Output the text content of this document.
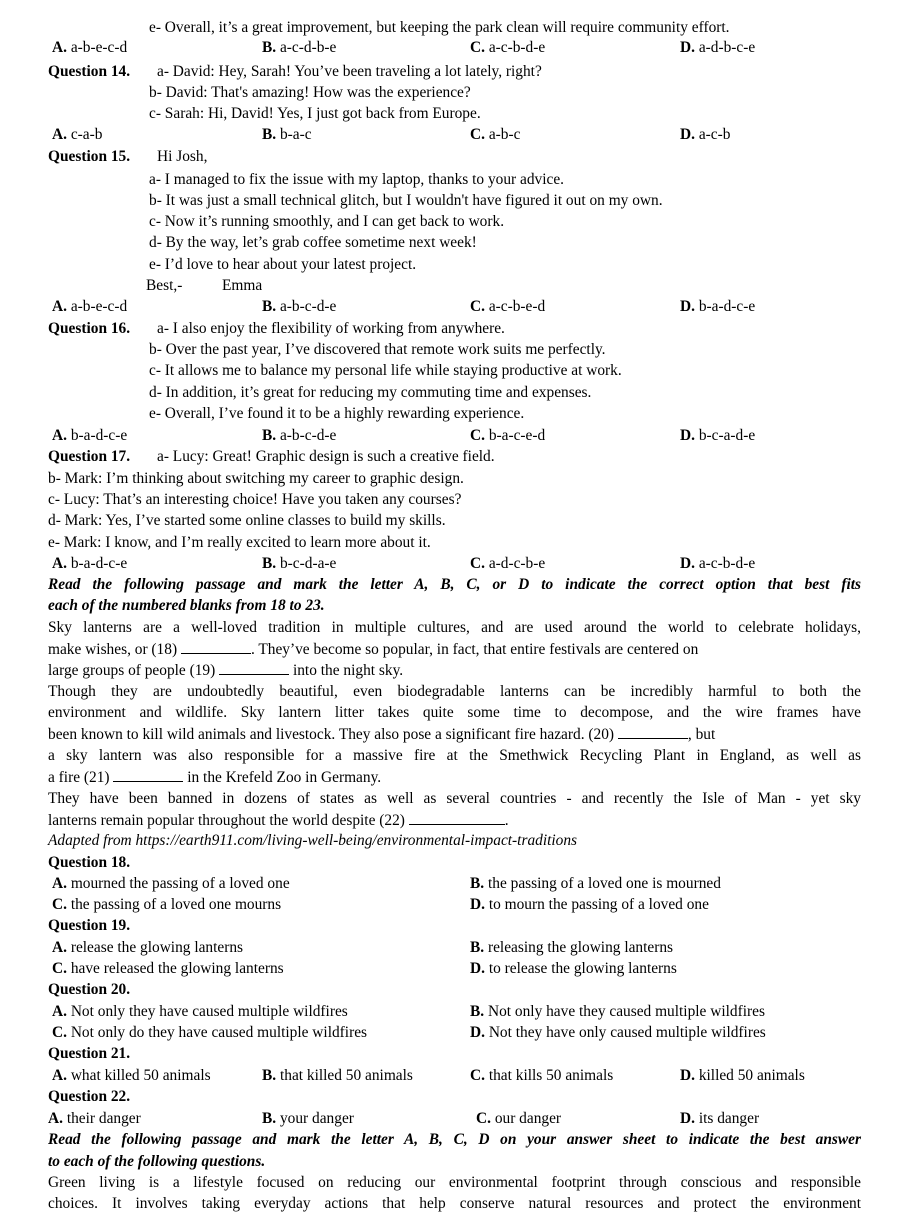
e- Overall, it’s a great improvement, but keeping the park clean will require community effort.
A. a-b-e-c-d	B. a-c-d-b-e	C. a-c-b-d-e	D. a-d-b-c-e
Question 14.	a- David: Hey, Sarah! You’ve been traveling a lot lately, right?
b- David: That's amazing! How was the experience?
c- Sarah: Hi, David! Yes, I just got back from Europe.
A. c-a-b	B. b-a-c	C. a-b-c	D. a-c-b
Question 15.	Hi Josh,
a- I managed to fix the issue with my laptop, thanks to your advice.
b- It was just a small technical glitch, but I wouldn't have figured it out on my own.
c- Now it’s running smoothly, and I can get back to work.
d- By the way, let’s grab coffee sometime next week!
e- I’d love to hear about your latest project.
Best,-	Emma
A. a-b-e-c-d	B. a-b-c-d-e	C. a-c-b-e-d	D. b-a-d-c-e
Question 16.	a- I also enjoy the flexibility of working from anywhere.
b- Over the past year, I’ve discovered that remote work suits me perfectly.
c- It allows me to balance my personal life while staying productive at work.
d- In addition, it’s great for reducing my commuting time and expenses.
e- Overall, I’ve found it to be a highly rewarding experience.
A. b-a-d-c-e	B. a-b-c-d-e	C. b-a-c-e-d	D. b-c-a-d-e
Question 17.	a- Lucy: Great! Graphic design is such a creative field.
b- Mark: I’m thinking about switching my career to graphic design.
c- Lucy: That’s an interesting choice! Have you taken any courses?
d- Mark: Yes, I’ve started some online classes to build my skills.
e- Mark: I know, and I’m really excited to learn more about it.
A. b-a-d-c-e	B. b-c-d-a-e	C. a-d-c-b-e	D. a-c-b-d-e
Read the following passage and mark the letter A, B, C, or D to indicate the correct option that best fits
each of the numbered blanks from 18 to 23.
Sky lanterns are a well-loved tradition in multiple cultures, and are used around the world to celebrate holidays,
make wishes, or (18)	. They’ve become so popular, in fact, that entire festivals are centered on
large groups of people (19)	into the night sky.
Though they are undoubtedly beautiful, even biodegradable lanterns can be incredibly harmful to both the
environment and wildlife. Sky lantern litter takes quite some time to decompose, and the wire frames have
been known to kill wild animals and livestock. They also pose a significant fire hazard. (20)	, but
a sky lantern was also responsible for a massive fire at the Smethwick Recycling Plant in England, as well as
a fire (21)	in the Krefeld Zoo in Germany.
They have been banned in dozens of states as well as several countries - and recently the Isle of Man - yet sky
lanterns remain popular throughout the world despite (22)	.
Adapted from https://earth911.com/living-well-being/environmental-impact-traditions
Question 18.
A. mourned the passing of a loved one	B. the passing of a loved one is mourned
C. the passing of a loved one mourns	D. to mourn the passing of a loved one
Question 19.
A. release the glowing lanterns	B. releasing the glowing lanterns
C. have released the glowing lanterns	D. to release the glowing lanterns
Question 20.
A. Not only they have caused multiple wildfires	B. Not only have they caused multiple wildfires
C. Not only do they have caused multiple wildfires	D. Not they have only caused multiple wildfires
Question 21.
A. what killed 50 animals	B. that killed 50 animals	C. that kills 50 animals	D. killed 50 animals
Question 22.
A. their danger	B. your danger	C. our danger	D. its danger
Read the following passage and mark the letter A, B, C, D on your answer sheet to indicate the best answer
to each of the following questions.
Green living is a lifestyle focused on reducing our environmental footprint through conscious and responsible
choices. It involves taking everyday actions that help conserve natural resources and protect the environment
